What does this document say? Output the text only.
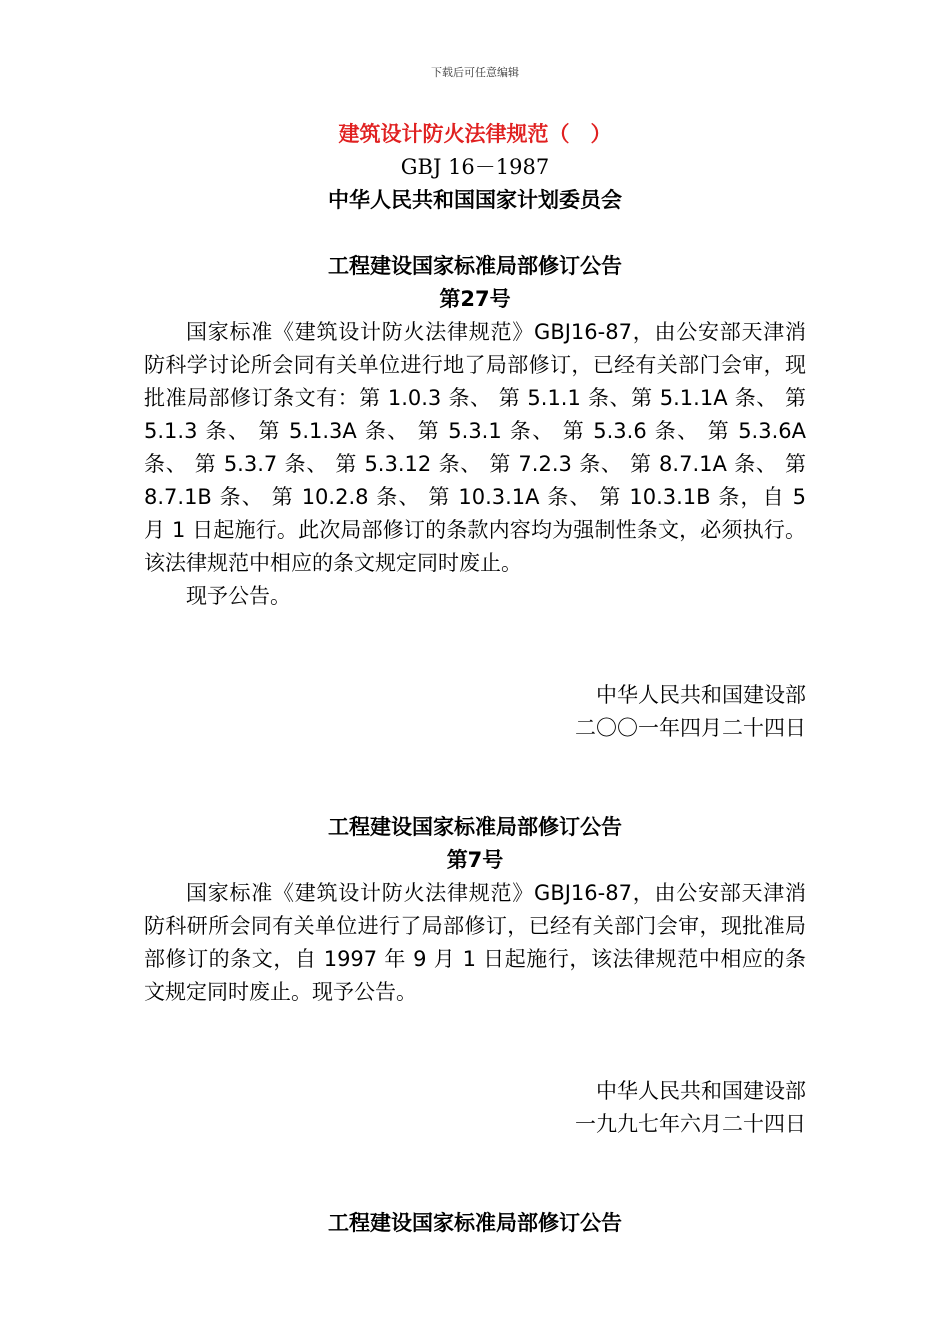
下载后可任意编辑
建筑设计防火法律规范（　）
GBJ 16－1987
中华人民共和国国家计划委员会
工程建设国家标准局部修订公告
第27号

国家标准《建筑设计防火法律规范》GBJ16-87，由公安部天津消防科学讨论所会同有关单位进行地了局部修订，已经有关部门会审，现批准局部修订条文有：第 1.0.3 条、 第 5.1.1 条、第 5.1.1A 条、 第 5.1.3 条、 第 5.1.3A 条、 第 5.3.1 条、 第 5.3.6 条、 第 5.3.6A 条、 第 5.3.7 条、 第 5.3.12 条、 第 7.2.3 条、 第 8.7.1A 条、 第 8.7.1B 条、 第 10.2.8 条、 第 10.3.1A 条、 第 10.3.1B 条，自 5 月 1 日起施行。此次局部修订的条款内容均为强制性条文，必须执行。该法律规范中相应的条文规定同时废止。

现予公告。

中华人民共和国建设部
二〇〇一年四月二十四日
工程建设国家标准局部修订公告
第7号

国家标准《建筑设计防火法律规范》GBJ16-87，由公安部天津消防科研所会同有关单位进行了局部修订，已经有关部门会审，现批准局部修订的条文，自 1997 年 9 月 1 日起施行，该法律规范中相应的条文规定同时废止。现予公告。

中华人民共和国建设部
一九九七年六月二十四日
工程建设国家标准局部修订公告
